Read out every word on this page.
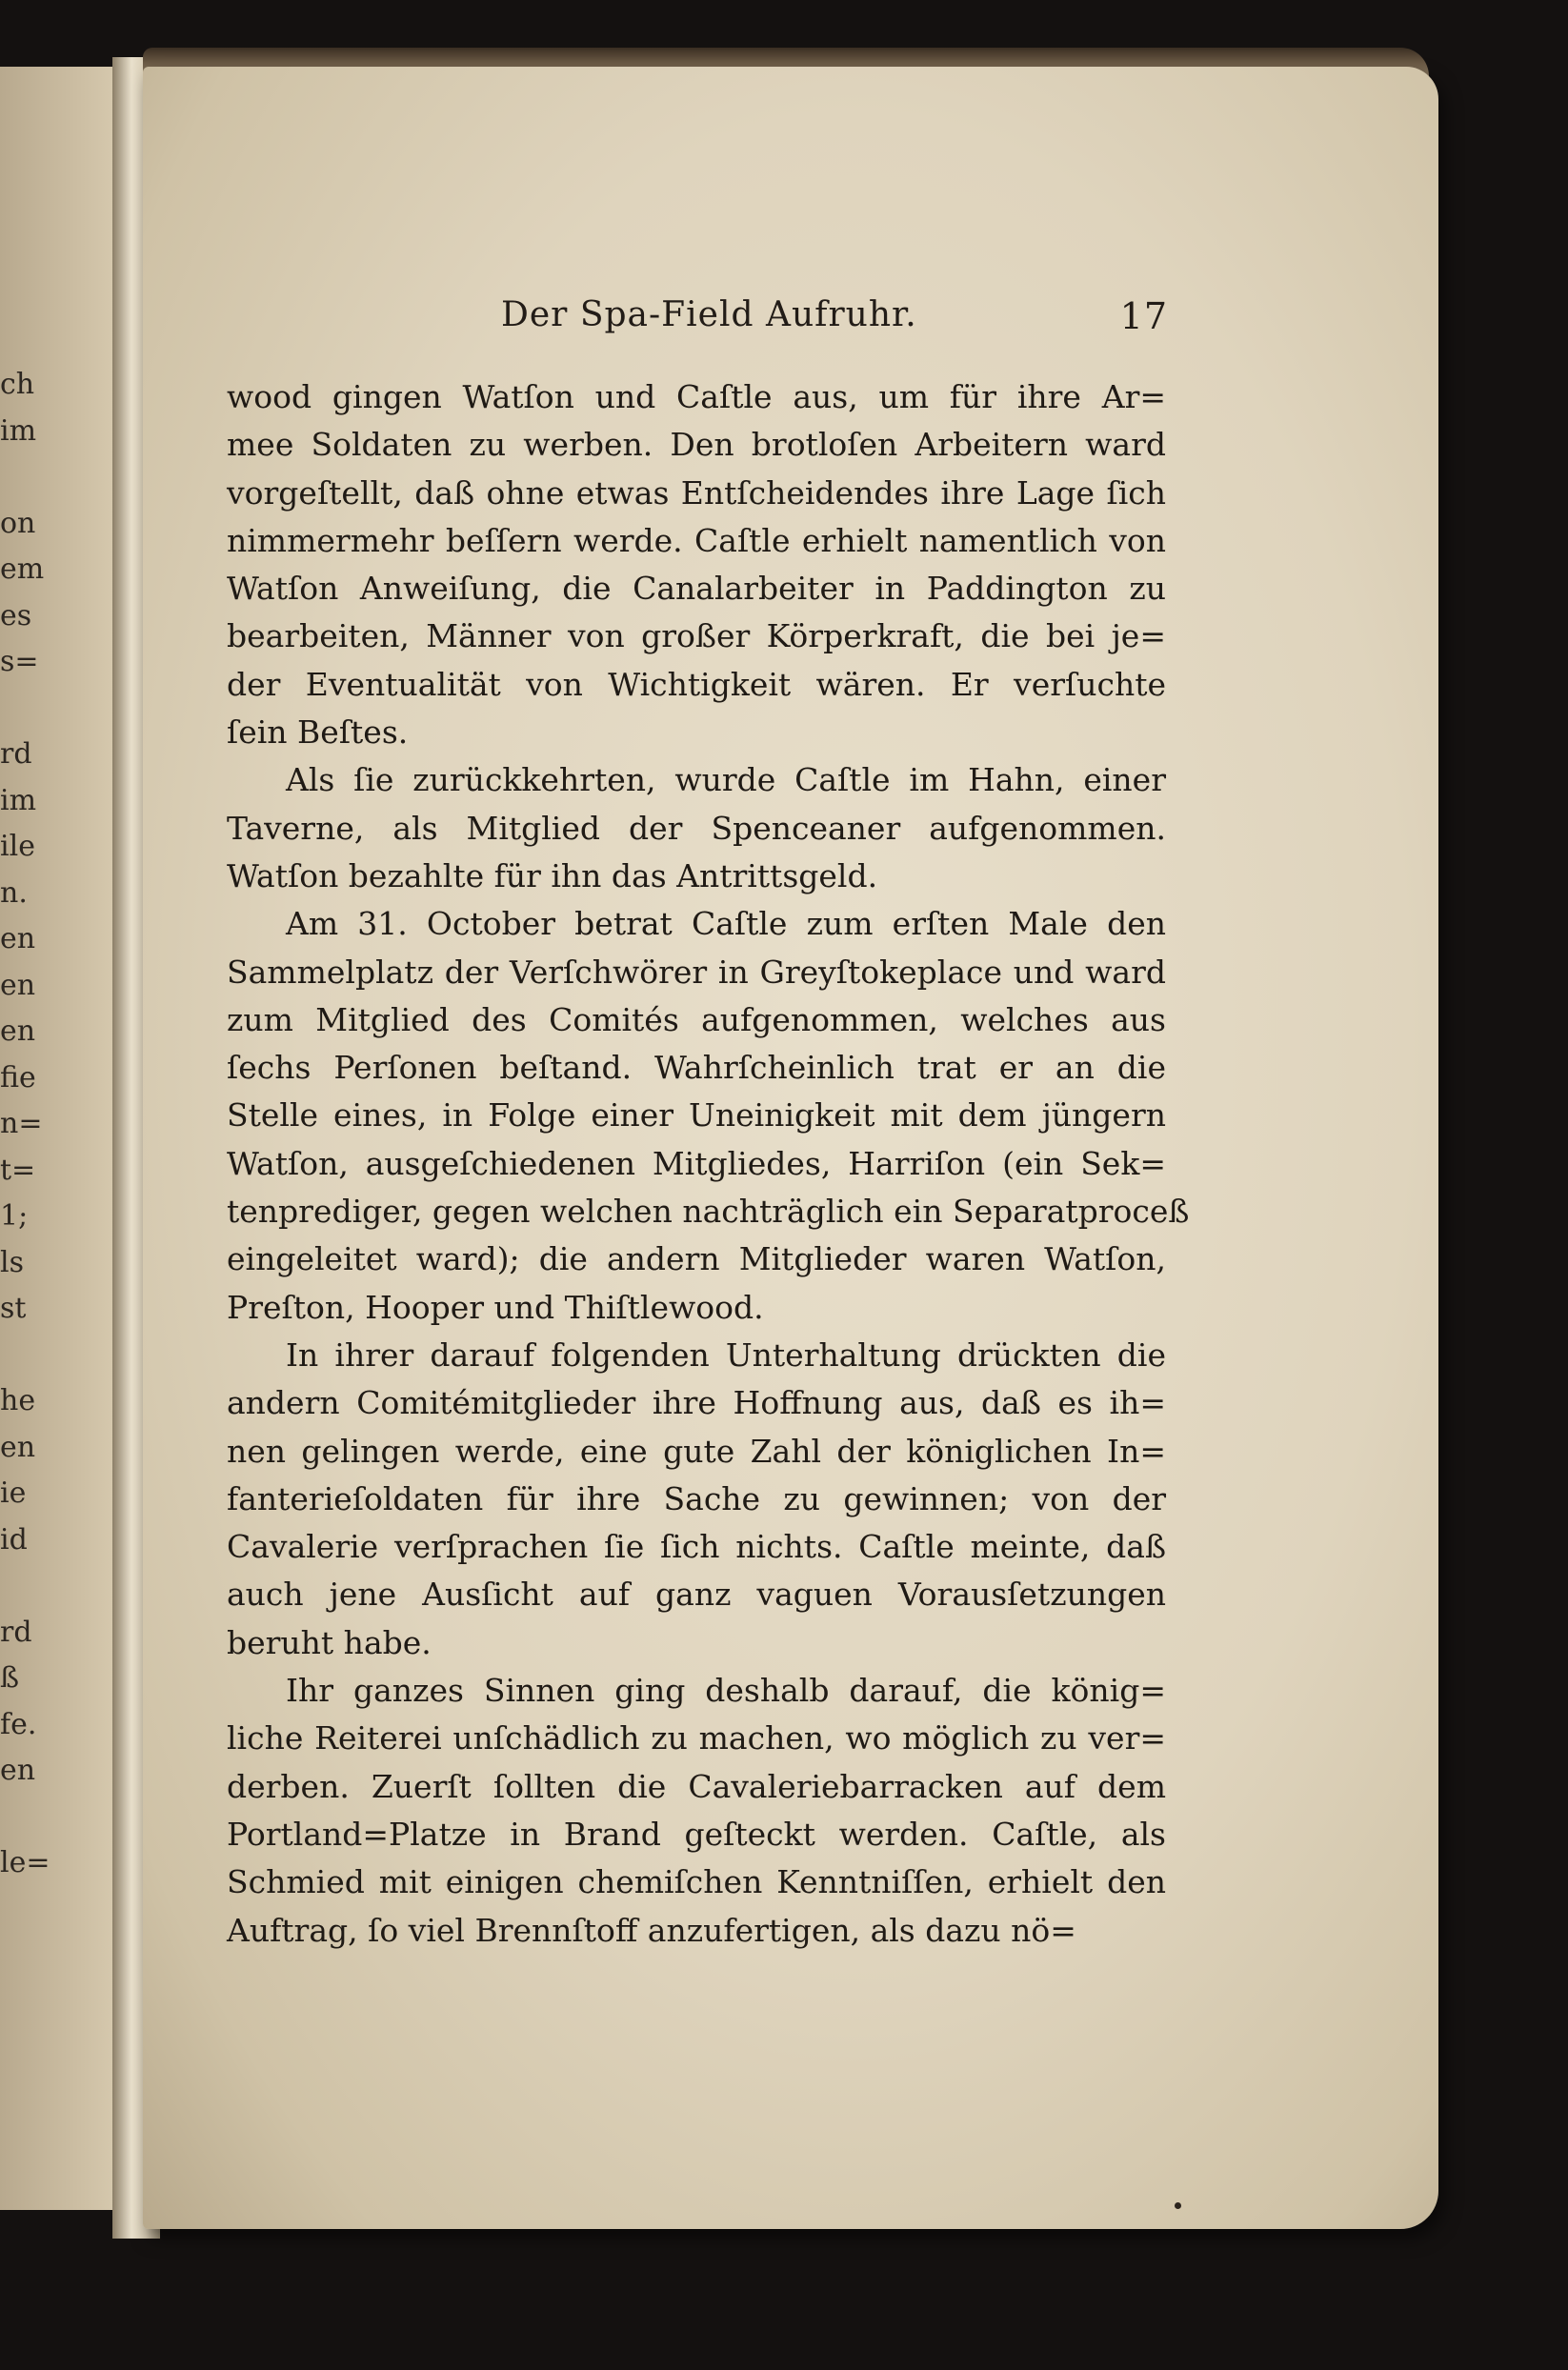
ch
im
on
em
es
s=
rd
im
ile
n.
en
en
en
fie
n=
t=
1;
ls
st
he
en
ie
id
rd
ß
fe.
en
le=
Der Spa-Field Aufruhr.	17
wood gingen Watſon und Caſtle aus, um für ihre Ar=
mee Soldaten zu werben. Den brotloſen Arbeitern ward
vorgeſtellt, daß ohne etwas Entſcheidendes ihre Lage ſich
nimmermehr beſſern werde. Caſtle erhielt namentlich von
Watſon Anweiſung, die Canalarbeiter in Paddington zu
bearbeiten, Männer von großer Körperkraft, die bei je=
der Eventualität von Wichtigkeit wären. Er verſuchte
ſein Beſtes.
Als ſie zurückkehrten, wurde Caſtle im Hahn, einer
Taverne, als Mitglied der Spenceaner aufgenommen.
Watſon bezahlte für ihn das Antrittsgeld.
Am 31. October betrat Caſtle zum erſten Male den
Sammelplatz der Verſchwörer in Greyſtokeplace und ward
zum Mitglied des Comités aufgenommen, welches aus
ſechs Perſonen beſtand. Wahrſcheinlich trat er an die
Stelle eines, in Folge einer Uneinigkeit mit dem jüngern
Watſon, ausgeſchiedenen Mitgliedes, Harriſon (ein Sek=
tenprediger, gegen welchen nachträglich ein Separatproceß
eingeleitet ward); die andern Mitglieder waren Watſon,
Preſton, Hooper und Thiſtlewood.
In ihrer darauf folgenden Unterhaltung drückten die
andern Comitémitglieder ihre Hoffnung aus, daß es ih=
nen gelingen werde, eine gute Zahl der königlichen In=
fanterieſoldaten für ihre Sache zu gewinnen; von der
Cavalerie verſprachen ſie ſich nichts. Caſtle meinte, daß
auch jene Ausſicht auf ganz vaguen Vorausſetzungen
beruht habe.
Ihr ganzes Sinnen ging deshalb darauf, die könig=
liche Reiterei unſchädlich zu machen, wo möglich zu ver=
derben. Zuerſt ſollten die Cavaleriebarracken auf dem
Portland=Platze in Brand geſteckt werden. Caſtle, als
Schmied mit einigen chemiſchen Kenntniſſen, erhielt den
Auftrag, ſo viel Brennſtoff anzufertigen, als dazu nö=
